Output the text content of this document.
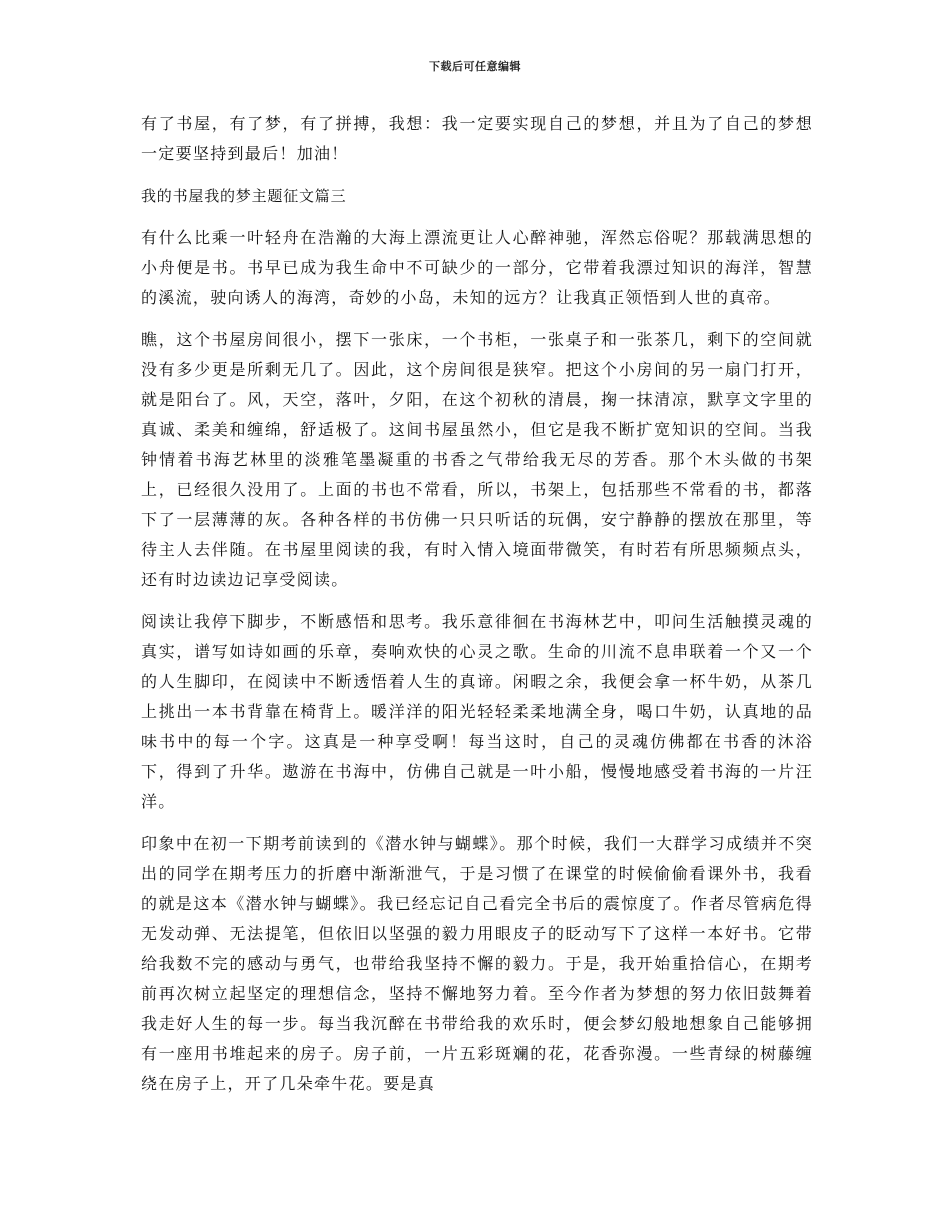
下载后可任意编辑

有了书屋，有了梦，有了拼搏，我想：我一定要实现自己的梦想，并且为了自己的梦想一定要坚持到最后！加油！

我的书屋我的梦主题征文篇三

有什么比乘一叶轻舟在浩瀚的大海上漂流更让人心醉神驰，浑然忘俗呢？那载满思想的小舟便是书。书早已成为我生命中不可缺少的一部分，它带着我漂过知识的海洋，智慧的溪流，驶向诱人的海湾，奇妙的小岛，未知的远方？让我真正领悟到人世的真帝。

瞧，这个书屋房间很小，摆下一张床，一个书柜，一张桌子和一张茶几，剩下的空间就没有多少更是所剩无几了。因此，这个房间很是狭窄。把这个小房间的另一扇门打开，就是阳台了。风，天空，落叶，夕阳，在这个初秋的清晨，掬一抹清凉，默享文字里的真诚、柔美和缠绵，舒适极了。这间书屋虽然小，但它是我不断扩宽知识的空间。当我钟情着书海艺林里的淡雅笔墨凝重的书香之气带给我无尽的芳香。那个木头做的书架上，已经很久没用了。上面的书也不常看，所以，书架上，包括那些不常看的书，都落下了一层薄薄的灰。各种各样的书仿佛一只只听话的玩偶，安宁静静的摆放在那里，等待主人去伴随。在书屋里阅读的我，有时入情入境面带微笑，有时若有所思频频点头，还有时边读边记享受阅读。

阅读让我停下脚步，不断感悟和思考。我乐意徘徊在书海林艺中，叩问生活触摸灵魂的真实，谱写如诗如画的乐章，奏响欢快的心灵之歌。生命的川流不息串联着一个又一个的人生脚印，在阅读中不断透悟着人生的真谛。闲暇之余，我便会拿一杯牛奶，从茶几上挑出一本书背靠在椅背上。暖洋洋的阳光轻轻柔柔地满全身，喝口牛奶，认真地的品味书中的每一个字。这真是一种享受啊！每当这时，自己的灵魂仿佛都在书香的沐浴下，得到了升华。遨游在书海中，仿佛自己就是一叶小船，慢慢地感受着书海的一片汪洋。

印象中在初一下期考前读到的《潜水钟与蝴蝶》。那个时候，我们一大群学习成绩并不突出的同学在期考压力的折磨中渐渐泄气，于是习惯了在课堂的时候偷偷看课外书，我看的就是这本《潜水钟与蝴蝶》。我已经忘记自己看完全书后的震惊度了。作者尽管病危得无发动弹、无法提笔，但依旧以坚强的毅力用眼皮子的眨动写下了这样一本好书。它带给我数不完的感动与勇气，也带给我坚持不懈的毅力。于是，我开始重拾信心，在期考前再次树立起坚定的理想信念，坚持不懈地努力着。至今作者为梦想的努力依旧鼓舞着我走好人生的每一步。每当我沉醉在书带给我的欢乐时，便会梦幻般地想象自己能够拥有一座用书堆起来的房子。房子前，一片五彩斑斓的花，花香弥漫。一些青绿的树藤缠绕在房子上，开了几朵牵牛花。要是真
